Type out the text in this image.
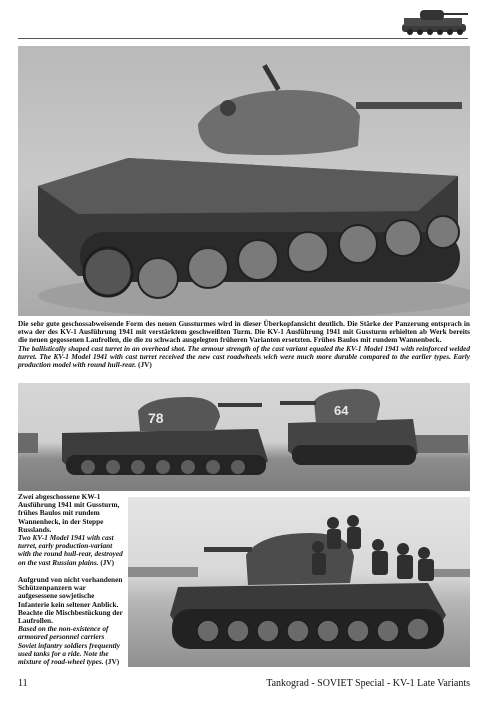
Die sehr gute geschossabweisende Form des neuen Gussturmes wird in dieser Überkopfansicht deutlich. Die Stärke der Panzerung entsprach in etwa der des KV-1 Ausführung 1941 mit verstärktem geschweißten Turm. Die KV-1 Ausführung 1941 mit Gussturm erhielten ab Werk bereits die neuen gegossenen Laufrollen, die die zu schwach ausgelegten früheren Varianten ersetzten. Frühes Baulos mit rundem Wannenbeck.
The ballistically shaped cast turret in an overhead shot. The armour strength of the cast variant equaled the KV-1 Model 1941 with reinforced welded turret. The KV-1 Model 1941 with cast turret received the new cast roadwheels wich were much more durable compared to the earlier types. Early production model with round hull-rear. (JV)
78	64
Zwei abgeschossene KW-1 Ausführung 1941 mit Gussturm, frühes Baulos mit rundem Wannenheck, in der Steppe Russlands.
Two KV-1 Model 1941 with cast turret, early production-variant with the round hull-rear, destroyed on the vast Russian plains. (JV)
Aufgrund von nicht vorhandenen Schützenpanzern war aufgesessene sowjetische Infanterie kein seltener Anblick. Beachte die Mischbestückung der Laufrollen.
Based on the non-existence of armoured personnel carriers Soviet infantry soldiers frequently used tanks for a ride. Note the mixture of road-wheel types. (JV)
11	Tankograd - SOVIET Special - KV-1 Late Variants
